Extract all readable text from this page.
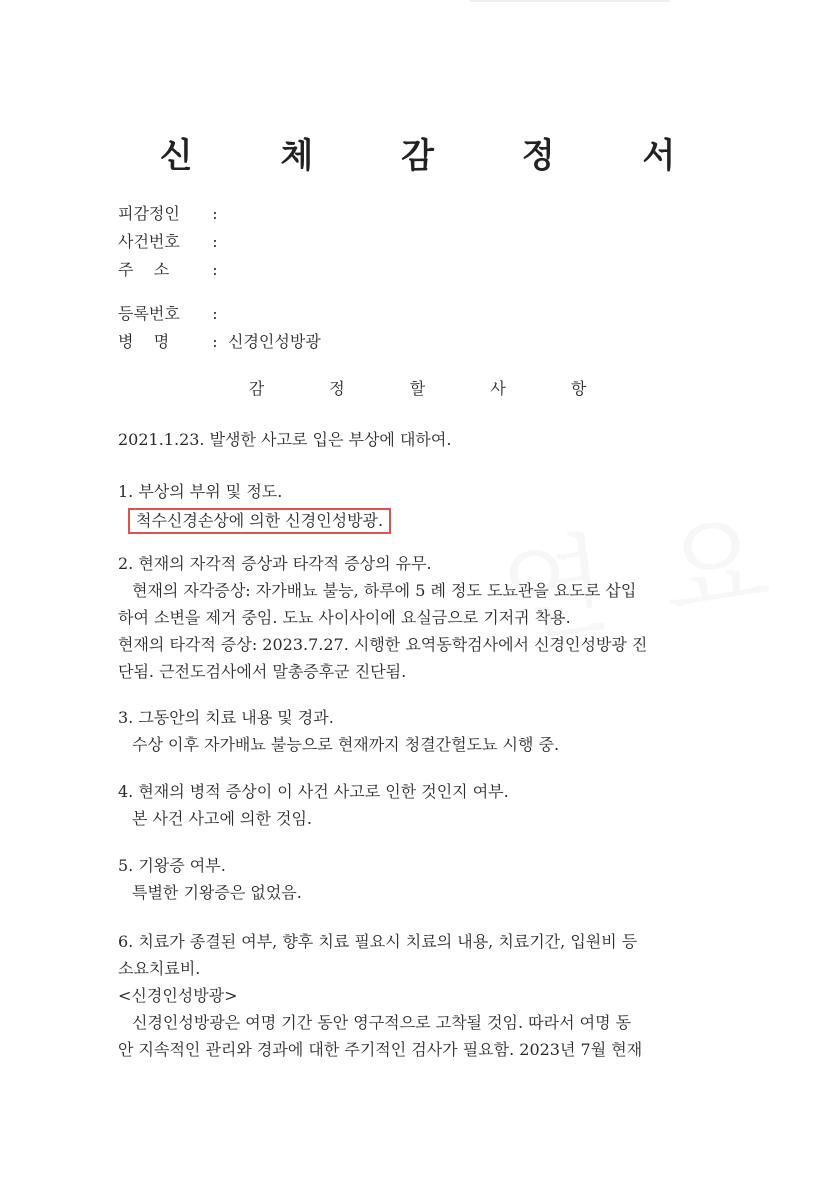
연 요
신 체 감 정 서
피감정인	:
사건번호	:
주    소	:
등록번호	:
병    명	: 신경인성방광
감 정 할 사 항

2021.1.23. 발생한 사고로 입은 부상에 대하여.

1. 부상의 부위 및 정도.

척수신경손상에 의한 신경인성방광.

2. 현재의 자각적 증상과 타각적 증상의 유무.

현재의 자각증상: 자가배뇨 불능, 하루에 5 례 정도 도뇨관을 요도로 삽입

하여 소변을 제거 중임. 도뇨 사이사이에 요실금으로 기저귀 착용.

현재의 타각적 증상: 2023.7.27. 시행한 요역동학검사에서 신경인성방광 진

단됨. 근전도검사에서 말총증후군 진단됨.

3. 그동안의 치료 내용 및 경과.

수상 이후 자가배뇨 불능으로 현재까지 청결간헐도뇨 시행 중.

4. 현재의 병적 증상이 이 사건 사고로 인한 것인지 여부.

본 사건 사고에 의한 것임.

5. 기왕증 여부.

특별한 기왕증은 없었음.

6. 치료가 종결된 여부, 향후 치료 필요시 치료의 내용, 치료기간, 입원비 등

소요치료비.

<신경인성방광>

신경인성방광은 여명 기간 동안 영구적으로 고착될 것임. 따라서 여명 동

안 지속적인 관리와 경과에 대한 주기적인 검사가 필요함. 2023년 7월 현재
